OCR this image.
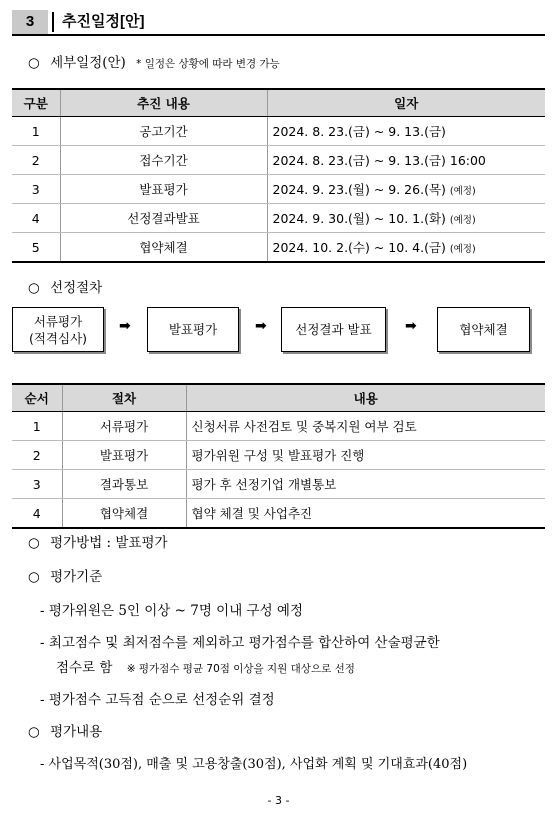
3	추진일정[안]
○ 세부일정(안) * 일정은 상황에 따라 변경 가능
구분	추진 내용	일자
1	공고기간	2024. 8. 23.(금) ~ 9. 13.(금)
2	접수기간	2024. 8. 23.(금) ~ 9. 13.(금) 16:00
3	발표평가	2024. 9. 23.(월) ~ 9. 26.(목) (예정)
4	선정결과발표	2024. 9. 30.(월) ~ 10. 1.(화) (예정)
5	협약체결	2024. 10. 2.(수) ~ 10. 4.(금) (예정)
○ 선정절차
서류평가
(적격심사)
➡	발표평가	➡ 선정결과 발표 ➡	협약체결
순서	절차	내용
1	서류평가	신청서류 사전검토 및 중복지원 여부 검토
2	발표평가	평가위원 구성 및 발표평가 진행
3	결과통보	평가 후 선정기업 개별통보
4	협약체결	협약 체결 및 사업추진
○ 평가방법 : 발표평가
○ 평가기준
- 평가위원은 5인 이상 ~ 7명 이내 구성 예정
- 최고점수 및 최저점수를 제외하고 평가점수를 합산하여 산술평균한
점수로 함 ※ 평가점수 평균 70점 이상을 지원 대상으로 선정
- 평가점수 고득점 순으로 선정순위 결정
○ 평가내용
- 사업목적(30점), 매출 및 고용창출(30점), 사업화 계획 및 기대효과(40점)
- 3 -
